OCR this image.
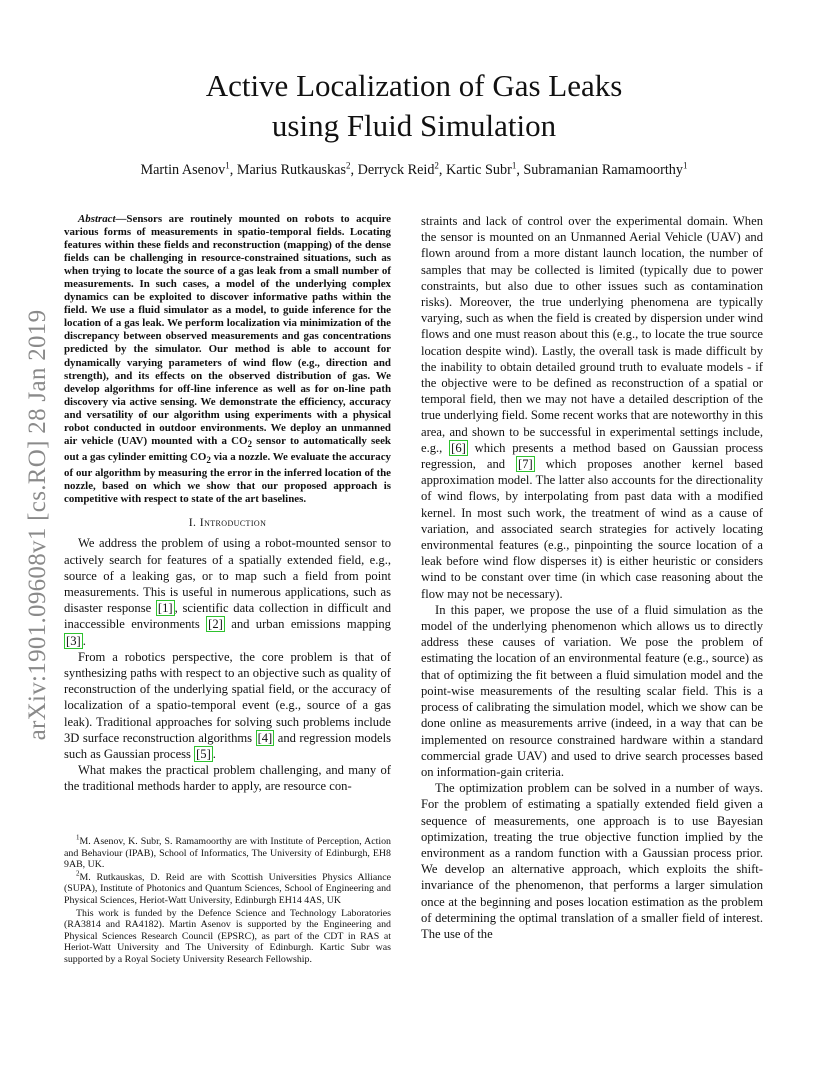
arXiv:1901.09608v1 [cs.RO] 28 Jan 2019
Active Localization of Gas Leaks
using Fluid Simulation
Martin Asenov$^1$, Marius Rutkauskas$^2$, Derryck Reid$^2$, Kartic Subr$^1$, Subramanian Ramamoorthy$^1$

Abstract—Sensors are routinely mounted on robots to acquire various forms of measurements in spatio-temporal fields. Locating features within these fields and reconstruction (mapping) of the dense fields can be challenging in resource-constrained situations, such as when trying to locate the source of a gas leak from a small number of measurements. In such cases, a model of the underlying complex dynamics can be exploited to discover informative paths within the field. We use a fluid simulator as a model, to guide inference for the location of a gas leak. We perform localization via minimization of the discrepancy between observed measurements and gas concentrations predicted by the simulator. Our method is able to account for dynamically varying parameters of wind flow (e.g., direction and strength), and its effects on the observed distribution of gas. We develop algorithms for off-line inference as well as for on-line path discovery via active sensing. We demonstrate the efficiency, accuracy and versatility of our algorithm using experiments with a physical robot conducted in outdoor environments. We deploy an unmanned air vehicle (UAV) mounted with a $CO_2$ sensor to automatically seek out a gas cylinder emitting $CO_2$ via a nozzle. We evaluate the accuracy of our algorithm by measuring the error in the inferred location of the nozzle, based on which we show that our proposed approach is competitive with respect to state of the art baselines.

I. Introduction

We address the problem of using a robot-mounted sensor to actively search for features of a spatially extended field, e.g., source of a leaking gas, or to map such a field from point measurements. This is useful in numerous applications, such as disaster response [1] , scientific data collection in difficult and inaccessible environments [2] and urban emissions mapping [3] .

From a robotics perspective, the core problem is that of synthesizing paths with respect to an objective such as quality of reconstruction of the underlying spatial field, or the accuracy of localization of a spatio-temporal event (e.g., source of a gas leak). Traditional approaches for solving such problems include 3D surface reconstruction algorithms [4] and regression models such as Gaussian process [5] .

What makes the practical problem challenging, and many of the traditional methods harder to apply, are resource con-

$^1$M. Asenov, K. Subr, S. Ramamoorthy are with Institute of Perception, Action and Behaviour (IPAB), School of Informatics, The University of Edinburgh, EH8 9AB, UK.

$^2$M. Rutkauskas, D. Reid are with Scottish Universities Physics Alliance (SUPA), Institute of Photonics and Quantum Sciences, School of Engineering and Physical Sciences, Heriot-Watt University, Edinburgh EH14 4AS, UK

This work is funded by the Defence Science and Technology Laboratories (RA3814 and RA4182). Martin Asenov is supported by the Engineering and Physical Sciences Research Council (EPSRC), as part of the CDT in RAS at Heriot-Watt University and The University of Edinburgh. Kartic Subr was supported by a Royal Society University Research Fellowship.

straints and lack of control over the experimental domain. When the sensor is mounted on an Unmanned Aerial Vehicle (UAV) and flown around from a more distant launch location, the number of samples that may be collected is limited (typically due to power constraints, but also due to other issues such as contamination risks). Moreover, the true underlying phenomena are typically varying, such as when the field is created by dispersion under wind flows and one must reason about this (e.g., to locate the true source location despite wind). Lastly, the overall task is made difficult by the inability to obtain detailed ground truth to evaluate models - if the objective were to be defined as reconstruction of a spatial or temporal field, then we may not have a detailed description of the true underlying field. Some recent works that are noteworthy in this area, and shown to be successful in experimental settings include, e.g., [6] which presents a method based on Gaussian process regression, and [7] which proposes another kernel based approximation model. The latter also accounts for the directionality of wind flows, by interpolating from past data with a modified kernel. In most such work, the treatment of wind as a cause of variation, and associated search strategies for actively locating environmental features (e.g., pinpointing the source location of a leak before wind flow disperses it) is either heuristic or considers wind to be constant over time (in which case reasoning about the flow may not be necessary).

In this paper, we propose the use of a fluid simulation as the model of the underlying phenomenon which allows us to directly address these causes of variation. We pose the problem of estimating the location of an environmental feature (e.g., source) as that of optimizing the fit between a fluid simulation model and the point-wise measurements of the resulting scalar field. This is a process of calibrating the simulation model, which we show can be done online as measurements arrive (indeed, in a way that can be implemented on resource constrained hardware within a standard commercial grade UAV) and used to drive search processes based on information-gain criteria.

The optimization problem can be solved in a number of ways. For the problem of estimating a spatially extended field given a sequence of measurements, one approach is to use Bayesian optimization, treating the true objective function implied by the environment as a random function with a Gaussian process prior. We develop an alternative approach, which exploits the shift-invariance of the phenomenon, that performs a larger simulation once at the beginning and poses location estimation as the problem of determining the optimal translation of a smaller field of interest. The use of the
